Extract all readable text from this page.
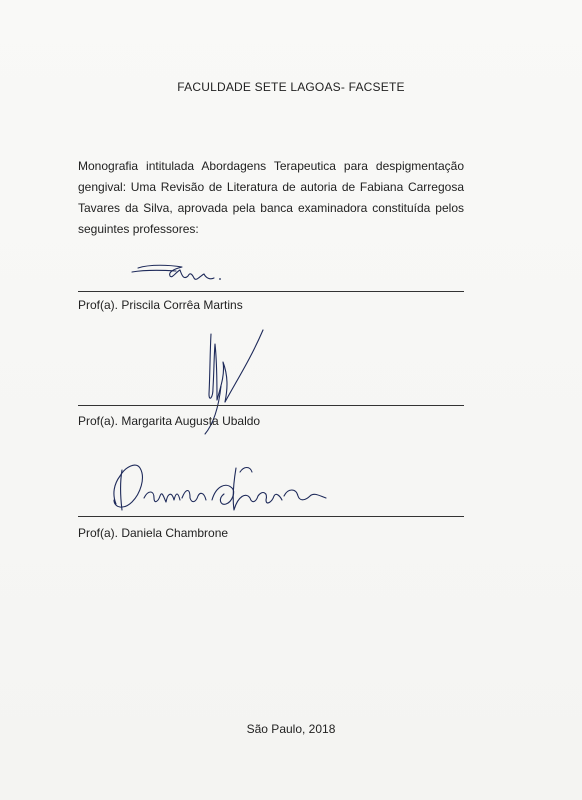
FACULDADE SETE LAGOAS- FACSETE
Monografia intitulada Abordagens Terapeutica para despigmentação gengival: Uma Revisão de Literatura de autoria de Fabiana Carregosa Tavares da Silva, aprovada pela banca examinadora constituída pelos seguintes professores:
Prof(a). Priscila Corrêa Martins
Prof(a). Margarita Augusta Ubaldo
Prof(a). Daniela Chambrone
São Paulo, 2018
